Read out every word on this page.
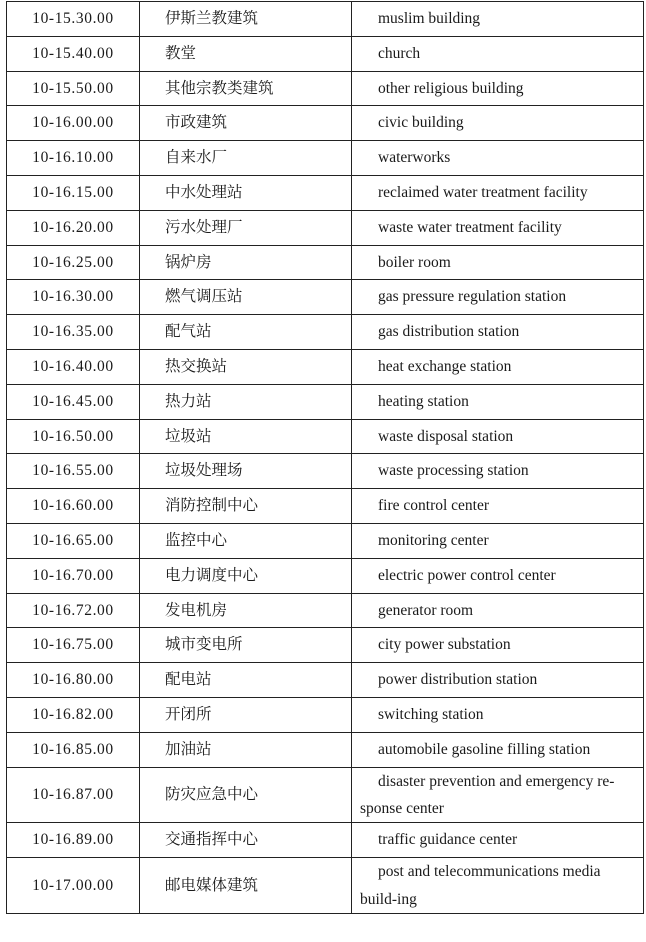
10-15.30.00	伊斯兰教建筑	muslim building
10-15.40.00	教堂	church
10-15.50.00	其他宗教类建筑	other religious building
10-16.00.00	市政建筑	civic building
10-16.10.00	自来水厂	waterworks
10-16.15.00	中水处理站	reclaimed water treatment facility
10-16.20.00	污水处理厂	waste water treatment facility
10-16.25.00	锅炉房	boiler room
10-16.30.00	燃气调压站	gas pressure regulation station
10-16.35.00	配气站	gas distribution station
10-16.40.00	热交换站	heat exchange station
10-16.45.00	热力站	heating station
10-16.50.00	垃圾站	waste disposal station
10-16.55.00	垃圾处理场	waste processing station
10-16.60.00	消防控制中心	fire control center
10-16.65.00	监控中心	monitoring center
10-16.70.00	电力调度中心	electric power control center
10-16.72.00	发电机房	generator room
10-16.75.00	城市变电所	city power substation
10-16.80.00	配电站	power distribution station
10-16.82.00	开闭所	switching station
10-16.85.00	加油站	automobile gasoline filling station
10-16.87.00	防灾应急中心	disaster prevention and emergency re-sponse center
10-16.89.00	交通指挥中心	traffic guidance center
10-17.00.00	邮电媒体建筑	post and telecommunications media build-ing
